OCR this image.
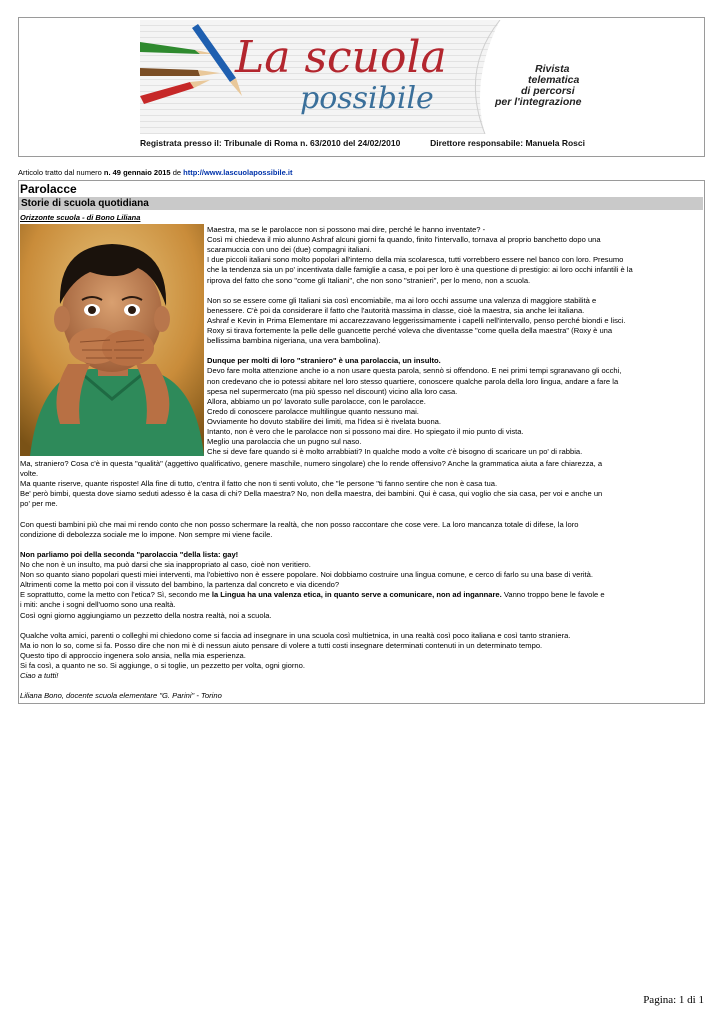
La scuola
possibile
Rivista
telematica
di percorsi
per l'integrazione
Registrata presso il: Tribunale di Roma n. 63/2010 del 24/02/2010	Direttore responsabile: Manuela Rosci
Articolo tratto dal numero n. 49 gennaio 2015 de http://www.lascuolapossibile.it
Parolacce
Storie di scuola quotidiana
Orizzonte scuola - di Bono Liliana
Maestra, ma se le parolacce non si possono mai dire, perché le hanno inventate? -
Così mi chiedeva il mio alunno Ashraf alcuni giorni fa quando, finito l'intervallo, tornava al proprio banchetto dopo una
scaramuccia con uno dei (due) compagni italiani.
I due piccoli italiani sono molto popolari all'interno della mia scolaresca, tutti vorrebbero essere nel banco con loro. Presumo
che la tendenza sia un po' incentivata dalle famiglie a casa, e poi per loro è una questione di prestigio: ai loro occhi infantili è la
riprova del fatto che sono "come gli Italiani", che non sono "stranieri", per lo meno, non a scuola.
Non so se essere come gli Italiani sia così encomiabile, ma ai loro occhi assume una valenza di maggiore stabilità e
benessere. C'è poi da considerare il fatto che l'autorità massima in classe, cioè la maestra, sia anche lei italiana.
Ashraf e Kevin in Prima Elementare mi accarezzavano leggerissimamente i capelli nell'intervallo, penso perché biondi e lisci.
Roxy si tirava fortemente la pelle delle guancette perché voleva che diventasse "come quella della maestra" (Roxy è una
bellissima bambina nigeriana, una vera bambolina).
Dunque per molti di loro "straniero" è una parolaccia, un insulto.
Devo fare molta attenzione anche io a non usare questa parola, sennò si offendono. E nei primi tempi sgranavano gli occhi,
non credevano che io potessi abitare nel loro stesso quartiere, conoscere qualche parola della loro lingua, andare a fare la
spesa nel supermercato (ma più spesso nel discount) vicino alla loro casa.
Allora, abbiamo un po' lavorato sulle parolacce, con le parolacce.
Credo di conoscere parolacce multilingue quanto nessuno mai.
Ovviamente ho dovuto stabilire dei limiti, ma l'idea si è rivelata buona.
Intanto, non è vero che le parolacce non si possono mai dire. Ho spiegato il mio punto di vista.
Meglio una parolaccia che un pugno sul naso.
Che si deve fare quando si è molto arrabbiati? In qualche modo a volte c'è bisogno di scaricare un po' di rabbia.
Ma, straniero? Cosa c'è in questa "qualità" (aggettivo qualificativo, genere maschile, numero singolare) che lo rende offensivo? Anche la grammatica aiuta a fare chiarezza, a
volte.
Ma quante riserve, quante risposte! Alla fine di tutto, c'entra il fatto che non ti senti voluto, che "le persone "ti fanno sentire che non è casa tua.
Be' però bimbi, questa dove siamo seduti adesso è la casa di chi? Della maestra? No, non della maestra, dei bambini. Qui è casa, qui voglio che sia casa, per voi e anche un
po' per me.
Con questi bambini più che mai mi rendo conto che non posso schermare la realtà, che non posso raccontare che cose vere. La loro mancanza totale di difese, la loro
condizione di debolezza sociale me lo impone. Non sempre mi viene facile.
Non parliamo poi della seconda "parolaccia "della lista: gay!
No che non è un insulto, ma può darsi che sia inappropriato al caso, cioè non veritiero.
Non so quanto siano popolari questi miei interventi, ma l'obiettivo non è essere popolare. Noi dobbiamo costruire una lingua comune, e cerco di farlo su una base di verità.
Altrimenti come la metto poi con il vissuto del bambino, la partenza dal concreto e via dicendo?
E soprattutto, come la metto con l'etica? Sì, secondo me la Lingua ha una valenza etica, in quanto serve a comunicare, non ad ingannare. Vanno troppo bene le favole e
i miti: anche i sogni dell'uomo sono una realtà.
Così ogni giorno aggiungiamo un pezzetto della nostra realtà, noi a scuola.
Qualche volta amici, parenti o colleghi mi chiedono come si faccia ad insegnare in una scuola così multietnica, in una realtà così poco italiana e così tanto straniera.
Ma io non lo so, come si fa. Posso dire che non mi è di nessun aiuto pensare di volere a tutti costi insegnare determinati contenuti in un determinato tempo.
Questo tipo di approccio ingenera solo ansia, nella mia esperienza.
Si fa così, a quanto ne so. Si aggiunge, o si toglie, un pezzetto per volta, ogni giorno.
Ciao a tutti!
Liliana Bono, docente scuola elementare "G. Parini" - Torino
Pagina: 1 di 1
